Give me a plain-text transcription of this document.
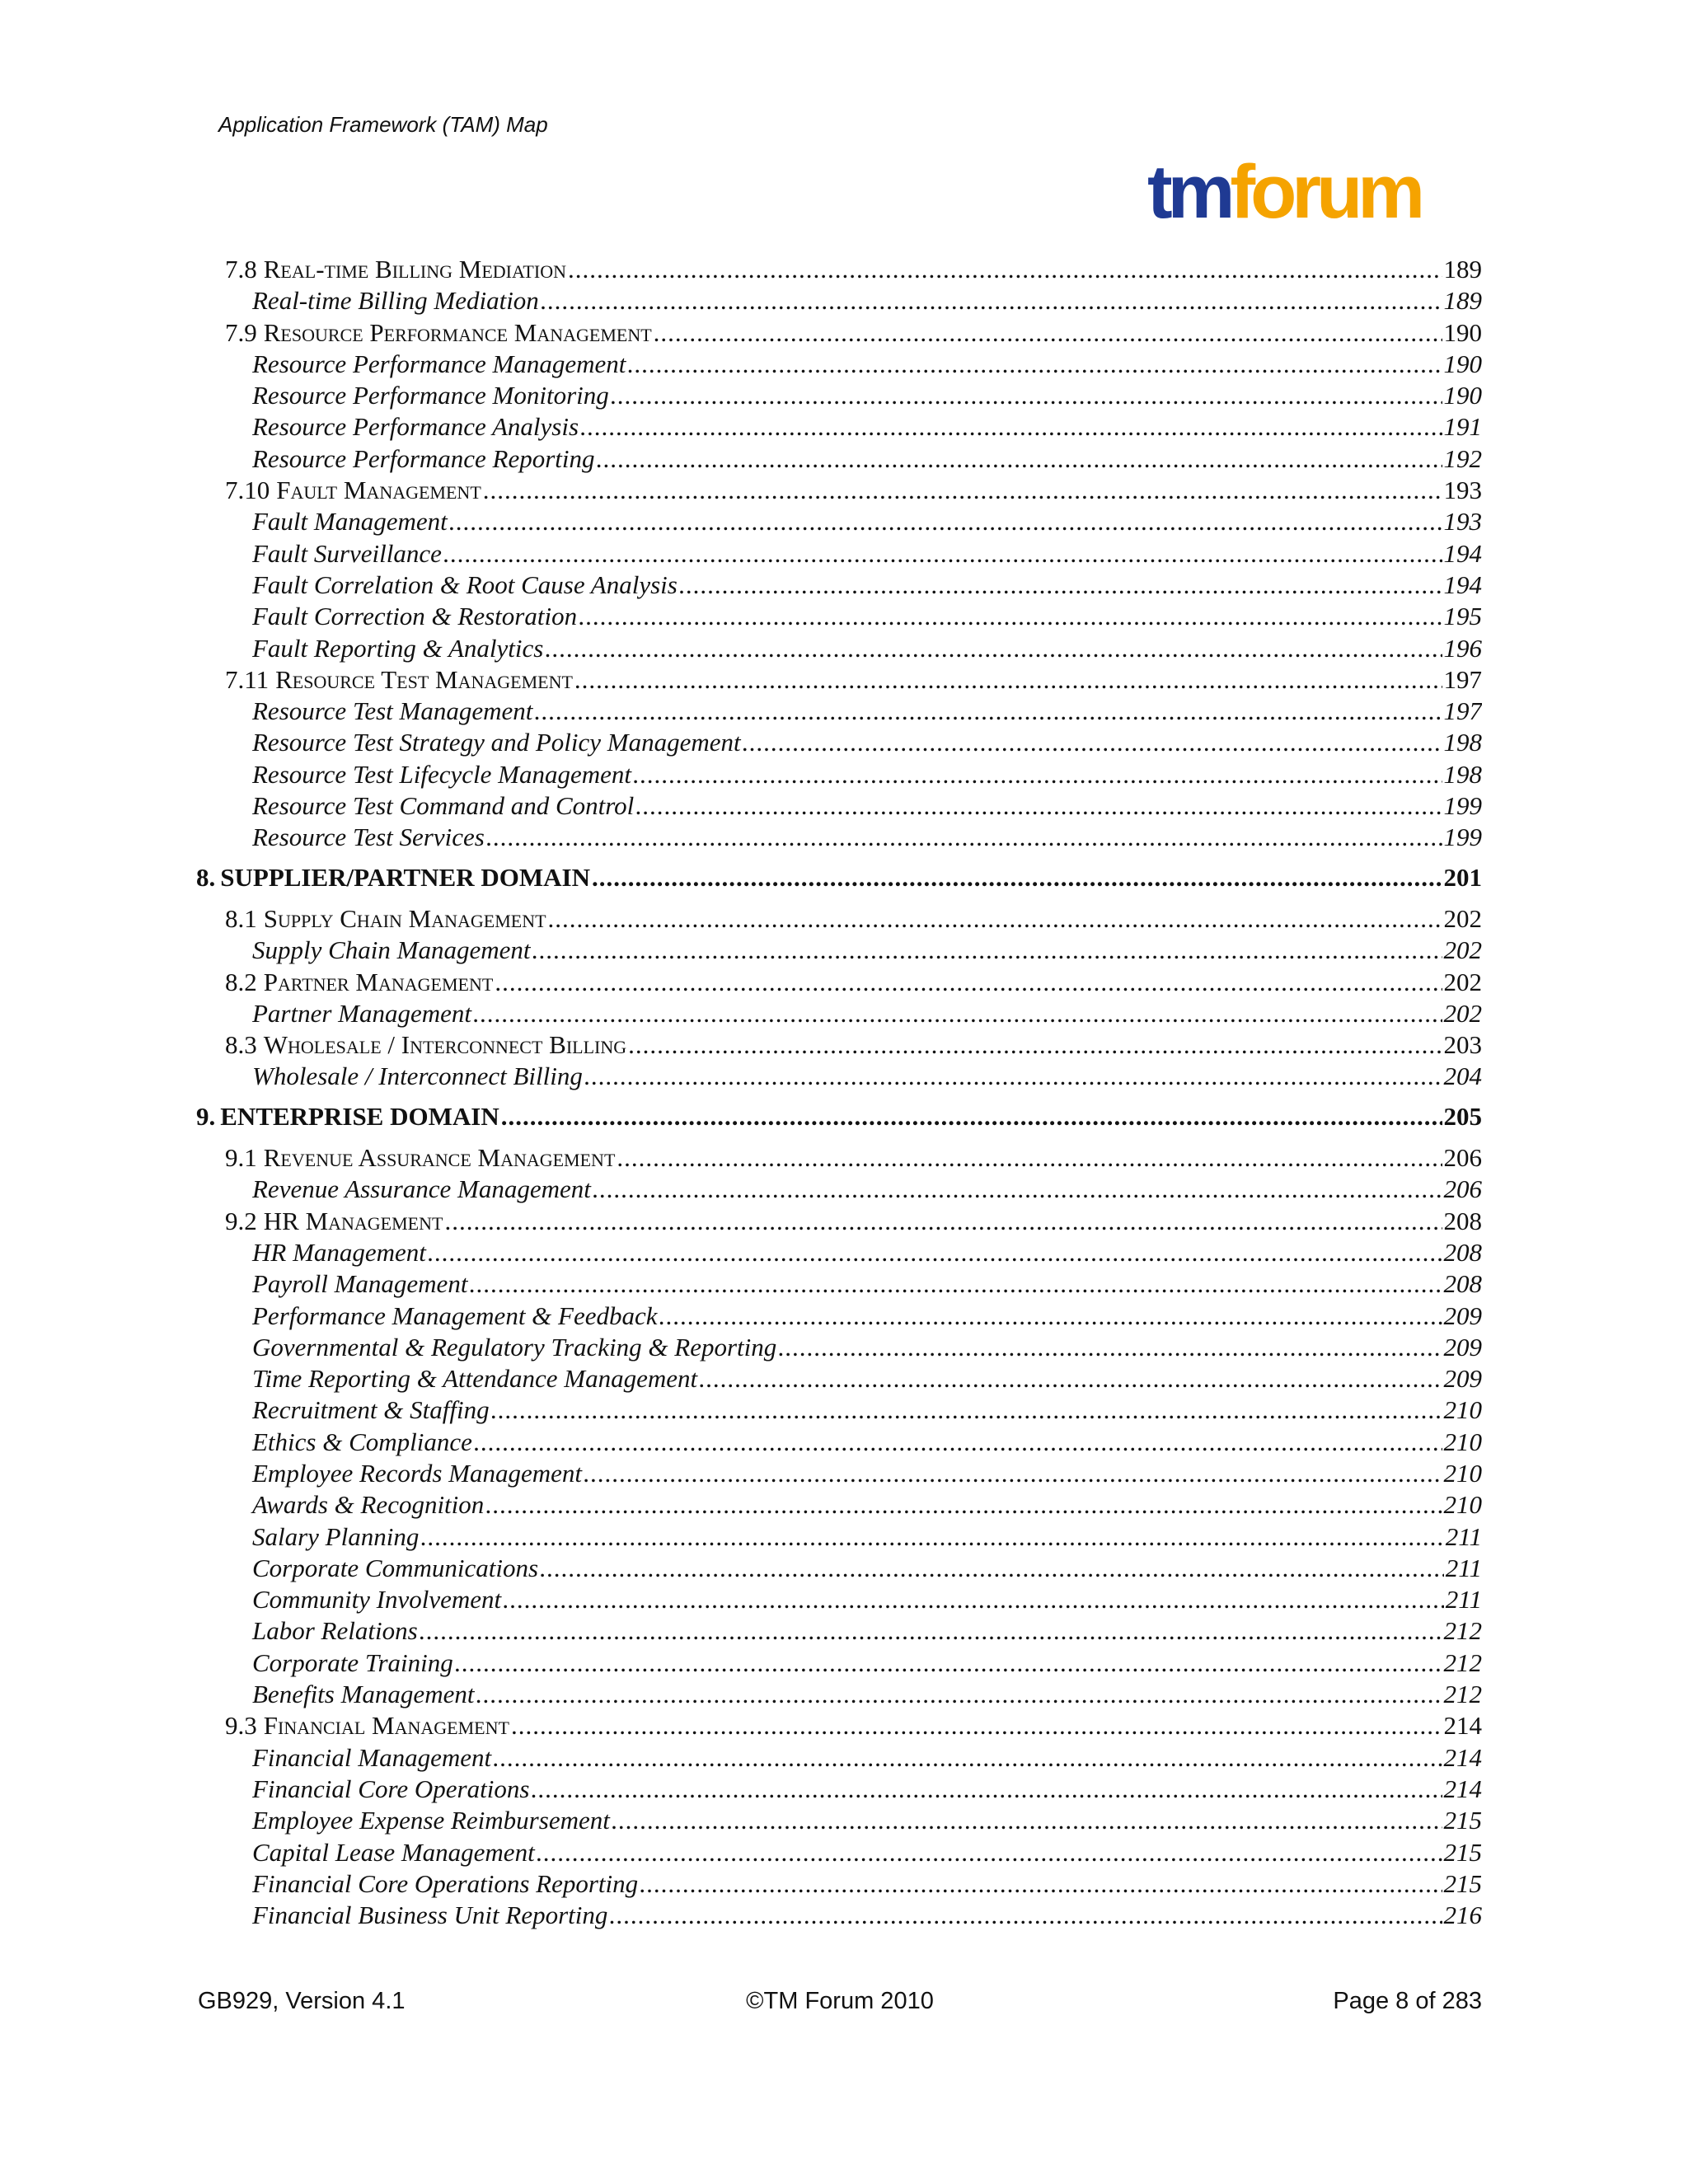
Application Framework (TAM) Map
tmforum
7.8 Real-time Billing Mediation .....	189
Real-time Billing Mediation .....	189
7.9 Resource Performance Management .....	190
Resource Performance Management .....	190
Resource Performance Monitoring .....	190
Resource Performance Analysis .....	191
Resource Performance Reporting .....	192
7.10 Fault Management .....	193
Fault Management .....	193
Fault Surveillance .....	194
Fault Correlation & Root Cause Analysis .....	194
Fault Correction & Restoration .....	195
Fault Reporting & Analytics .....	196
7.11 Resource Test Management .....	197
Resource Test Management .....	197
Resource Test Strategy and Policy Management .....	198
Resource Test Lifecycle Management .....	198
Resource Test Command and Control .....	199
Resource Test Services .....	199
8. SUPPLIER/PARTNER DOMAIN .....	201
8.1 Supply Chain Management .....	202
Supply Chain Management .....	202
8.2 Partner Management .....	202
Partner Management .....	202
8.3 Wholesale / Interconnect Billing .....	203
Wholesale / Interconnect Billing .....	204
9. ENTERPRISE DOMAIN .....	205
9.1 Revenue Assurance Management .....	206
Revenue Assurance Management .....	206
9.2 HR Management .....	208
HR Management .....	208
Payroll Management .....	208
Performance Management & Feedback .....	209
Governmental & Regulatory Tracking & Reporting .....	209
Time Reporting & Attendance Management .....	209
Recruitment & Staffing .....	210
Ethics & Compliance .....	210
Employee Records Management .....	210
Awards & Recognition .....	210
Salary Planning .....	211
Corporate Communications .....	211
Community Involvement .....	211
Labor Relations .....	212
Corporate Training .....	212
Benefits Management .....	212
9.3 Financial Management .....	214
Financial Management .....	214
Financial Core Operations .....	214
Employee Expense Reimbursement .....	215
Capital Lease Management .....	215
Financial Core Operations Reporting .....	215
Financial Business Unit Reporting .....	216
GB929, Version 4.1	©TM Forum 2010	Page 8 of 283
